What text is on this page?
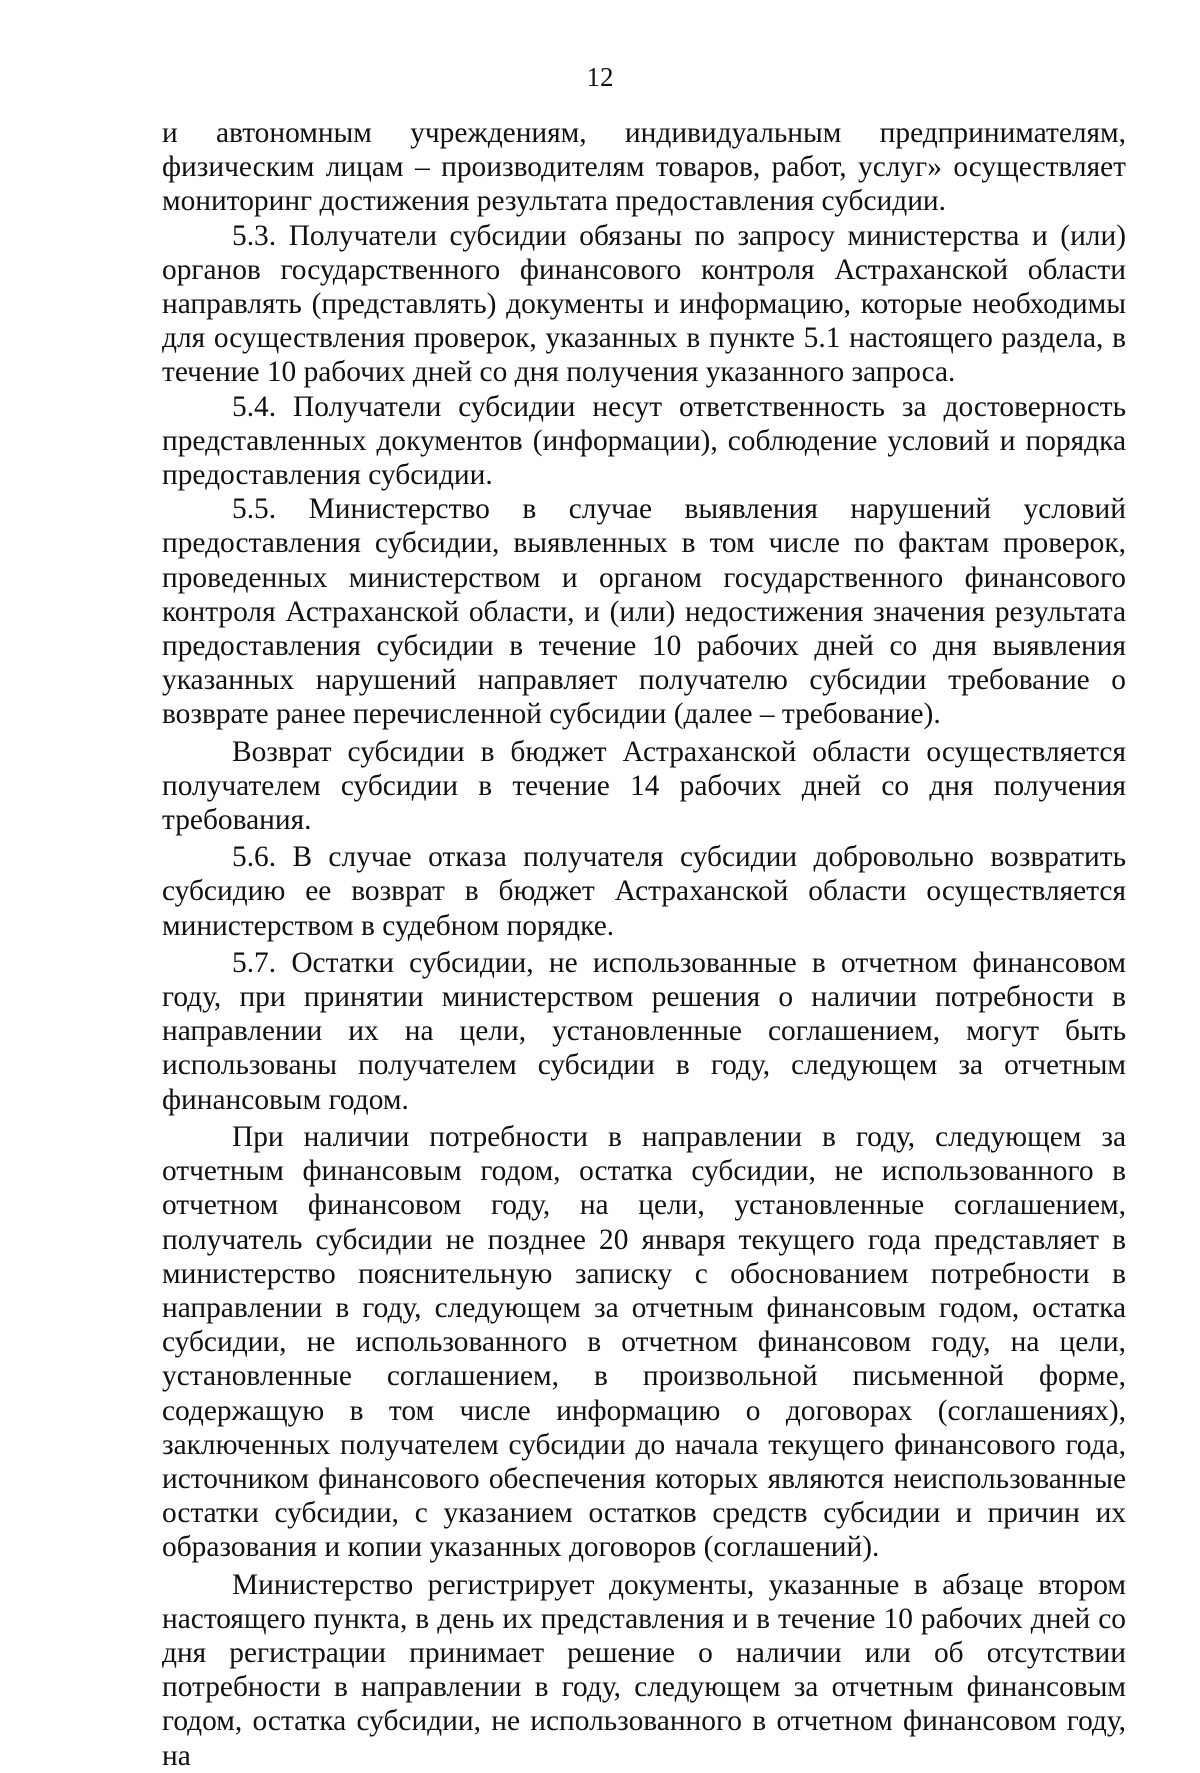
12

и автономным учреждениям, индивидуальным предпринимателям, физическим лицам – производителям товаров, работ, услуг» осуществляет мониторинг достижения результата предоставления субсидии.

5.3. Получатели субсидии обязаны по запросу министерства и (или) органов государственного финансового контроля Астраханской области направлять (представлять) документы и информацию, которые необходимы для осуществления проверок, указанных в пункте 5.1 настоящего раздела, в течение 10 рабочих дней со дня получения указанного запроса.

5.4. Получатели субсидии несут ответственность за достоверность представленных документов (информации), соблюдение условий и порядка предоставления субсидии.

5.5. Министерство в случае выявления нарушений условий предоставления субсидии, выявленных в том числе по фактам проверок, проведенных министерством и органом государственного финансового контроля Астраханской области, и (или) недостижения значения результата предоставления субсидии в течение 10 рабочих дней со дня выявления указанных нарушений направляет получателю субсидии требование о возврате ранее перечисленной субсидии (далее – требование).

Возврат субсидии в бюджет Астраханской области осуществляется получателем субсидии в течение 14 рабочих дней со дня получения требования.

5.6. В случае отказа получателя субсидии добровольно возвратить субсидию ее возврат в бюджет Астраханской области осуществляется министерством в судебном порядке.

5.7. Остатки субсидии, не использованные в отчетном финансовом году, при принятии министерством решения о наличии потребности в направлении их на цели, установленные соглашением, могут быть использованы получателем субсидии в году, следующем за отчетным финансовым годом.

При наличии потребности в направлении в году, следующем за отчетным финансовым годом, остатка субсидии, не использованного в отчетном финансовом году, на цели, установленные соглашением, получатель субсидии не позднее 20 января текущего года представляет в министерство пояснительную записку с обоснованием потребности в направлении в году, следующем за отчетным финансовым годом, остатка субсидии, не использованного в отчетном финансовом году, на цели, установленные соглашением, в произвольной письменной форме, содержащую в том числе информацию о договорах (соглашениях), заключенных получателем субсидии до начала текущего финансового года, источником финансового обеспечения которых являются неиспользованные остатки субсидии, с указанием остатков средств субсидии и причин их образования и копии указанных договоров (соглашений).

Министерство регистрирует документы, указанные в абзаце втором настоящего пункта, в день их представления и в течение 10 рабочих дней со дня регистрации принимает решение о наличии или об отсутствии потребности в направлении в году, следующем за отчетным финансовым годом, остатка субсидии, не использованного в отчетном финансовом году, на
